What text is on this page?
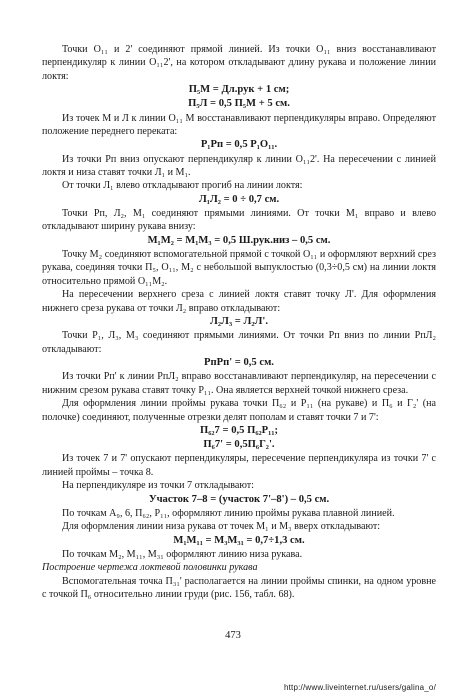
Точки О₁₁ и 2' соединяют прямой линией. Из точки О₁₁ вниз восстанавливают перпендикуляр к линии О₁₁2', на котором откладывают длину рукава и положение линии локтя:

П₅М = Дл.рук + 1 см;

П₅Л = 0,5 П₅М + 5 см.

Из точек М и Л к линии О₁₁ М восстанавливают перпендикуляры вправо. Определяют положение переднего переката:

Р₁Рп = 0,5 Р₁О₁₁.

Из точки Рп вниз опускают перпендикуляр к линии О₁₁2'. На пересечении с линией локтя и низа ставят точки Л₁ и М₁.

От точки Л₁ влево откладывают прогиб на линии локтя:

Л₁Л₂ = 0 ÷ 0,7 см.

Точки Рп, Л₂, М₁ соединяют прямыми линиями. От точки М₁ вправо и влево откладывают ширину рукава внизу:

М₁М₂ = М₁М₃ = 0,5 Ш.рук.низ – 0,5 см.

Точку М₂ соединяют вспомогательной прямой с точкой О₁₁ и оформляют верхний срез рукава, соединяя точки П₅, О₁₁, М₂ с небольшой выпуклостью (0,3÷0,5 см) на линии локтя относительно прямой О₁₁М₂.

На пересечении верхнего среза с линией локтя ставят точку Л'. Для оформления нижнего среза рукава от точки Л₂ вправо откладывают:

Л₂Л₃ = Л₂Л'.

Точки Р₁, Л₃, М₃ соединяют прямыми линиями. От точки Рп вниз по линии РпЛ₂ откладывают:

РпРп' = 0,5 см.

Из точки Рп' к линии РпЛ₂ вправо восстанавливают перпендикуляр, на пересечении с нижним срезом рукава ставят точку Р₁₁. Она является верхней точкой нижнего среза.

Для оформления линии проймы рукава точки П₆₂ и Р₁₁ (на рукаве) и П₆ и Г₂' (на полочке) соединяют, полученные отрезки делят пополам и ставят точки 7 и 7':

П₆₂7 = 0,5 П₆₂Р₁₁;

П₆7' = 0,5П₆Г₂'.

Из точек 7 и 7' опускают перпендикуляры, пересечение перпендикуляра из точки 7' с линией проймы – точка 8.

На перпендикуляре из точки 7 откладывают:

Участок 7–8 = (участок 7'–8') – 0,5 см.

По точкам А₉, 6, П₆₂, Р₁₁, оформляют линию проймы рукава плавной линией.

Для оформления линии низа рукава от точек М₁ и М₃ вверх откладывают:

М₁М₁₁ = М₃М₃₁ = 0,7÷1,3 см.

По точкам М₂, М₁₁, М₃₁ оформляют линию низа рукава.

Построение чертежа локтевой половинки рукава

Вспомогательная точка П₃₁' располагается на линии проймы спинки, на одном уровне с точкой П₆ относительно линии груди (рис. 156, табл. 68).

473
http://www.liveinternet.ru/users/galina_o/
